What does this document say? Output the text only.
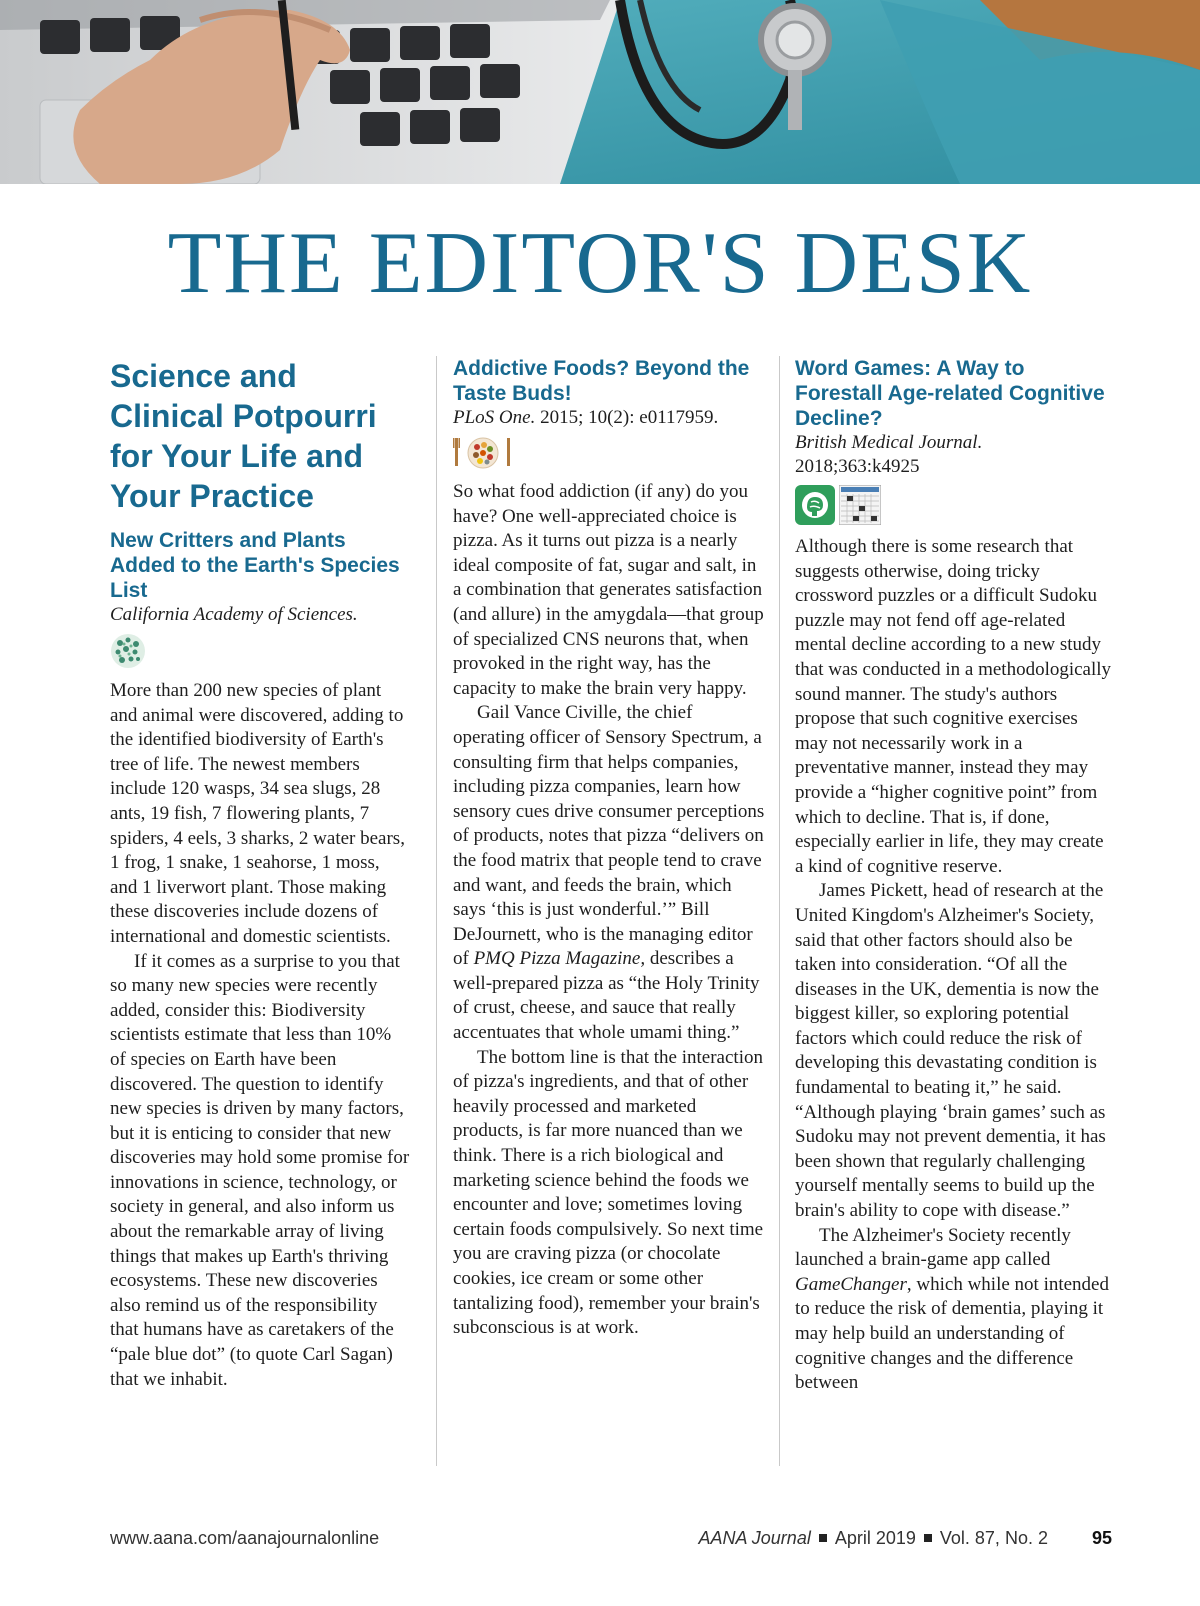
THE EDITOR'S DESK
Science and Clinical Potpourri for Your Life and Your Practice
New Critters and Plants Added to the Earth's Species List
California Academy of Sciences.

More than 200 new species of plant and animal were discovered, adding to the identified biodiversity of Earth's tree of life. The newest members include 120 wasps, 34 sea slugs, 28 ants, 19 fish, 7 flowering plants, 7 spiders, 4 eels, 3 sharks, 2 water bears, 1 frog, 1 snake, 1 seahorse, 1 moss, and 1 liverwort plant. Those making these discoveries include dozens of international and domestic scientists.

If it comes as a surprise to you that so many new species were recently added, consider this: Biodiversity scientists estimate that less than 10% of species on Earth have been discovered. The question to identify new species is driven by many factors, but it is enticing to consider that new discoveries may hold some promise for innovations in science, technology, or society in general, and also inform us about the remarkable array of living things that makes up Earth's thriving ecosystems. These new discoveries also remind us of the responsibility that humans have as caretakers of the “pale blue dot” (to quote Carl Sagan) that we inhabit.

Addictive Foods? Beyond the Taste Buds!
PLoS One. 2015; 10(2): e0117959.

So what food addiction (if any) do you have? One well-appreciated choice is pizza. As it turns out pizza is a nearly ideal composite of fat, sugar and salt, in a combination that generates satisfaction (and allure) in the amygdala—that group of specialized CNS neurons that, when provoked in the right way, has the capacity to make the brain very happy.

Gail Vance Civille, the chief operating officer of Sensory Spectrum, a consulting firm that helps companies, including pizza companies, learn how sensory cues drive consumer perceptions of products, notes that pizza “delivers on the food matrix that people tend to crave and want, and feeds the brain, which says ‘this is just wonderful.’” Bill DeJournett, who is the managing editor of PMQ Pizza Magazine, describes a well-prepared pizza as “the Holy Trinity of crust, cheese, and sauce that really accentuates that whole umami thing.”

The bottom line is that the interaction of pizza's ingredients, and that of other heavily processed and marketed products, is far more nuanced than we think. There is a rich biological and marketing science behind the foods we encounter and love; sometimes loving certain foods compulsively. So next time you are craving pizza (or chocolate cookies, ice cream or some other tantalizing food), remember your brain's subconscious is at work.

Word Games: A Way to Forestall Age-related Cognitive Decline?
British Medical Journal.
2018;363:k4925

Although there is some research that suggests otherwise, doing tricky crossword puzzles or a difficult Sudoku puzzle may not fend off age-related mental decline according to a new study that was conducted in a methodologically sound manner. The study's authors propose that such cognitive exercises may not necessarily work in a preventative manner, instead they may provide a “higher cognitive point” from which to decline. That is, if done, especially earlier in life, they may create a kind of cognitive reserve.

James Pickett, head of research at the United Kingdom's Alzheimer's Society, said that other factors should also be taken into consideration. “Of all the diseases in the UK, dementia is now the biggest killer, so exploring potential factors which could reduce the risk of developing this devastating condition is fundamental to beating it,” he said. “Although playing ‘brain games’ such as Sudoku may not prevent dementia, it has been shown that regularly challenging yourself mentally seems to build up the brain's ability to cope with disease.”

The Alzheimer's Society recently launched a brain-game app called GameChanger, which while not intended to reduce the risk of dementia, playing it may help build an understanding of cognitive changes and the difference between

www.aana.com/aanajournalonline	AANA Journal April 2019 Vol. 87, No. 2 95
